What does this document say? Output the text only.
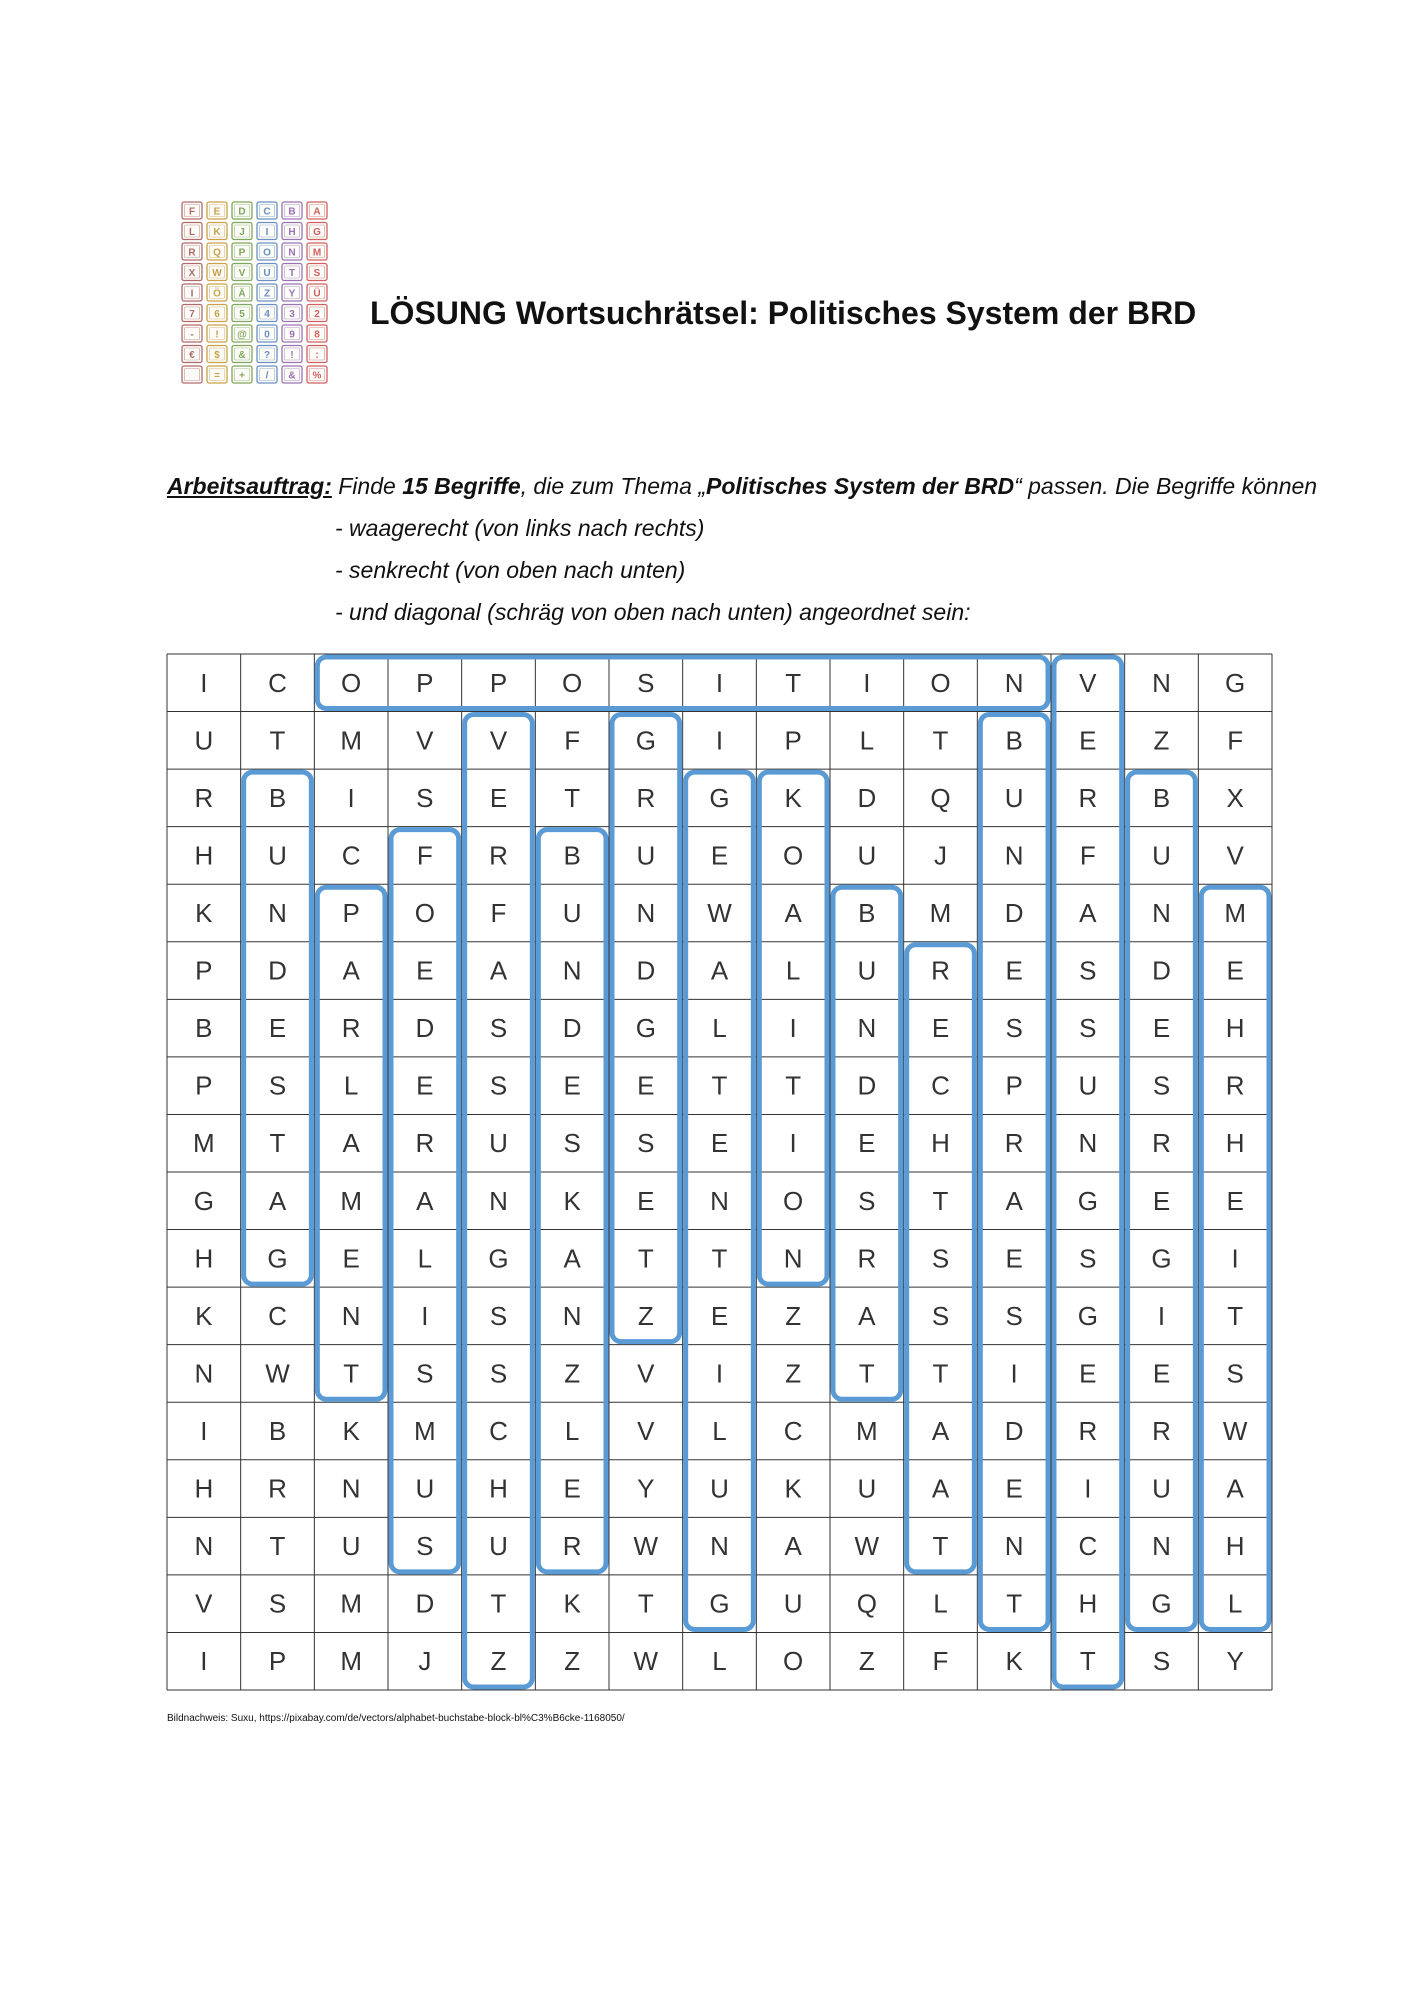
F E D C B A
L K J I H G
R Q P O N M
X W V U T S
I Ö Ä Z Y Ü
7 6 5 4 3 2
- ! @ 0 9 8
€ $ & ? ! :
= + / & %
LÖSUNG Wortsuchrätsel: Politisches System der BRD
Arbeitsauftrag: Finde 15 Begriffe, die zum Thema „Politisches System der BRD“ passen. Die Begriffe können
- waagerecht (von links nach rechts)
- senkrecht (von oben nach unten)
- und diagonal (schräg von oben nach unten) angeordnet sein:
I C O P P O S I T I O N V N G
U T M V V F G I P L T B E Z F
R B I S E T R G K D Q U R B X
H U C F R B U E O U J N F U V
K N P O F U N W A B M D A N M
P D A E A N D A L U R E S D E
B E R D S D G L I N E S S E H
P S L E S E E T T D C P U S R
M T A R U S S E I E H R N R H
G A M A N K E N O S T A G E E
H G E L G A T T N R S E S G I
K C N I S N Z E Z A S S G I T
N W T S S Z V I Z T T I E E S
I B K M C L V L C M A D R R W
H R N U H E Y U K U A E I U A
N T U S U R W N A W T N C N H
V S M D T K T G U Q L T H G L
I P M J Z Z W L O Z F K T S Y
Bildnachweis: Suxu, https://pixabay.com/de/vectors/alphabet-buchstabe-block-bl%C3%B6cke-1168050/
